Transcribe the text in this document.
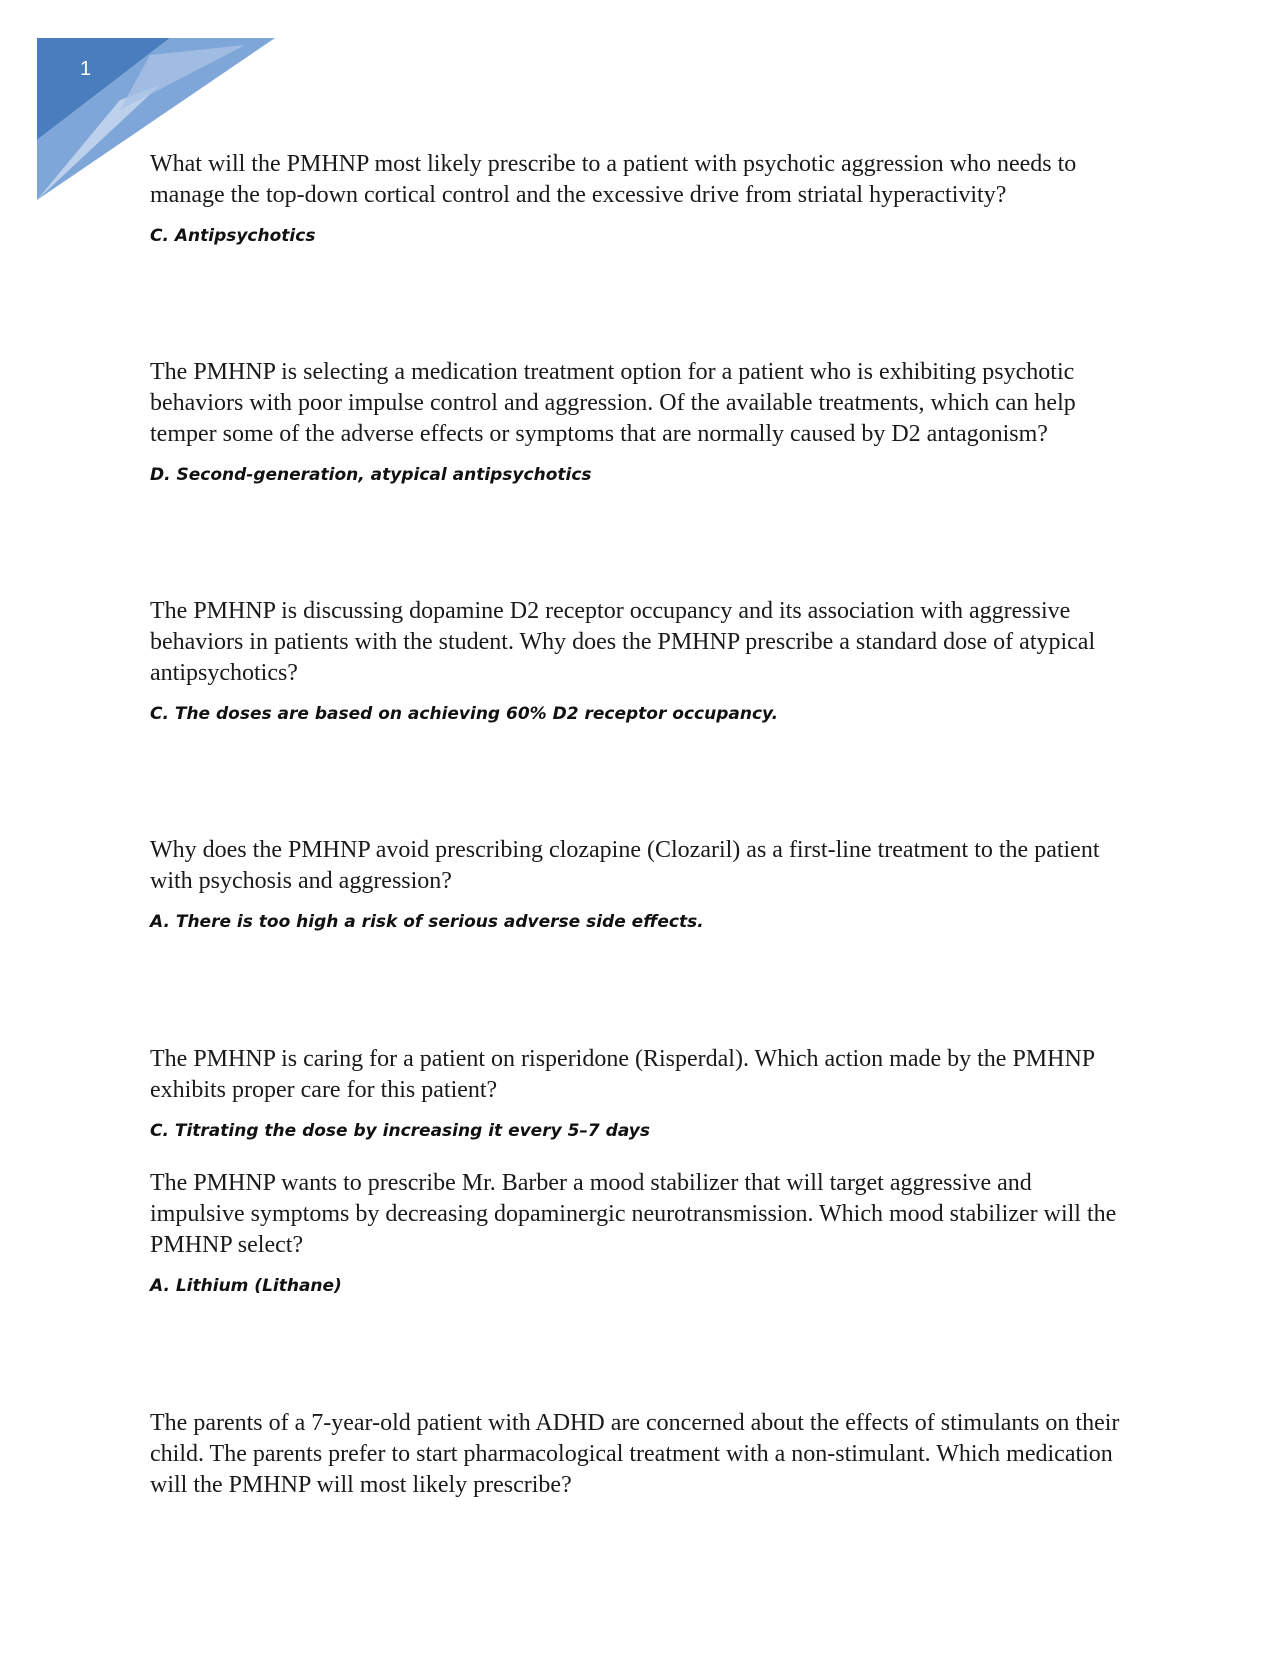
1

What will the PMHNP most likely prescribe to a patient with psychotic aggression who needs to manage the top-down cortical control and the excessive drive from striatal hyperactivity?

C. Antipsychotics

The PMHNP is selecting a medication treatment option for a patient who is exhibiting psychotic behaviors with poor impulse control and aggression. Of the available treatments, which can help temper some of the adverse effects or symptoms that are normally caused by D2 antagonism?

D. Second-generation, atypical antipsychotics

The PMHNP is discussing dopamine D2 receptor occupancy and its association with aggressive behaviors in patients with the student. Why does the PMHNP prescribe a standard dose of atypical antipsychotics?

C. The doses are based on achieving 60% D2 receptor occupancy.

Why does the PMHNP avoid prescribing clozapine (Clozaril) as a first-line treatment to the patient with psychosis and aggression?

A. There is too high a risk of serious adverse side effects.

The PMHNP is caring for a patient on risperidone (Risperdal). Which action made by the PMHNP exhibits proper care for this patient?

C. Titrating the dose by increasing it every 5–7 days

The PMHNP wants to prescribe Mr. Barber a mood stabilizer that will target aggressive and impulsive symptoms by decreasing dopaminergic neurotransmission. Which mood stabilizer will the PMHNP select?

A. Lithium (Lithane)

The parents of a 7-year-old patient with ADHD are concerned about the effects of stimulants on their child. The parents prefer to start pharmacological treatment with a non-stimulant. Which medication will the PMHNP will most likely prescribe?
